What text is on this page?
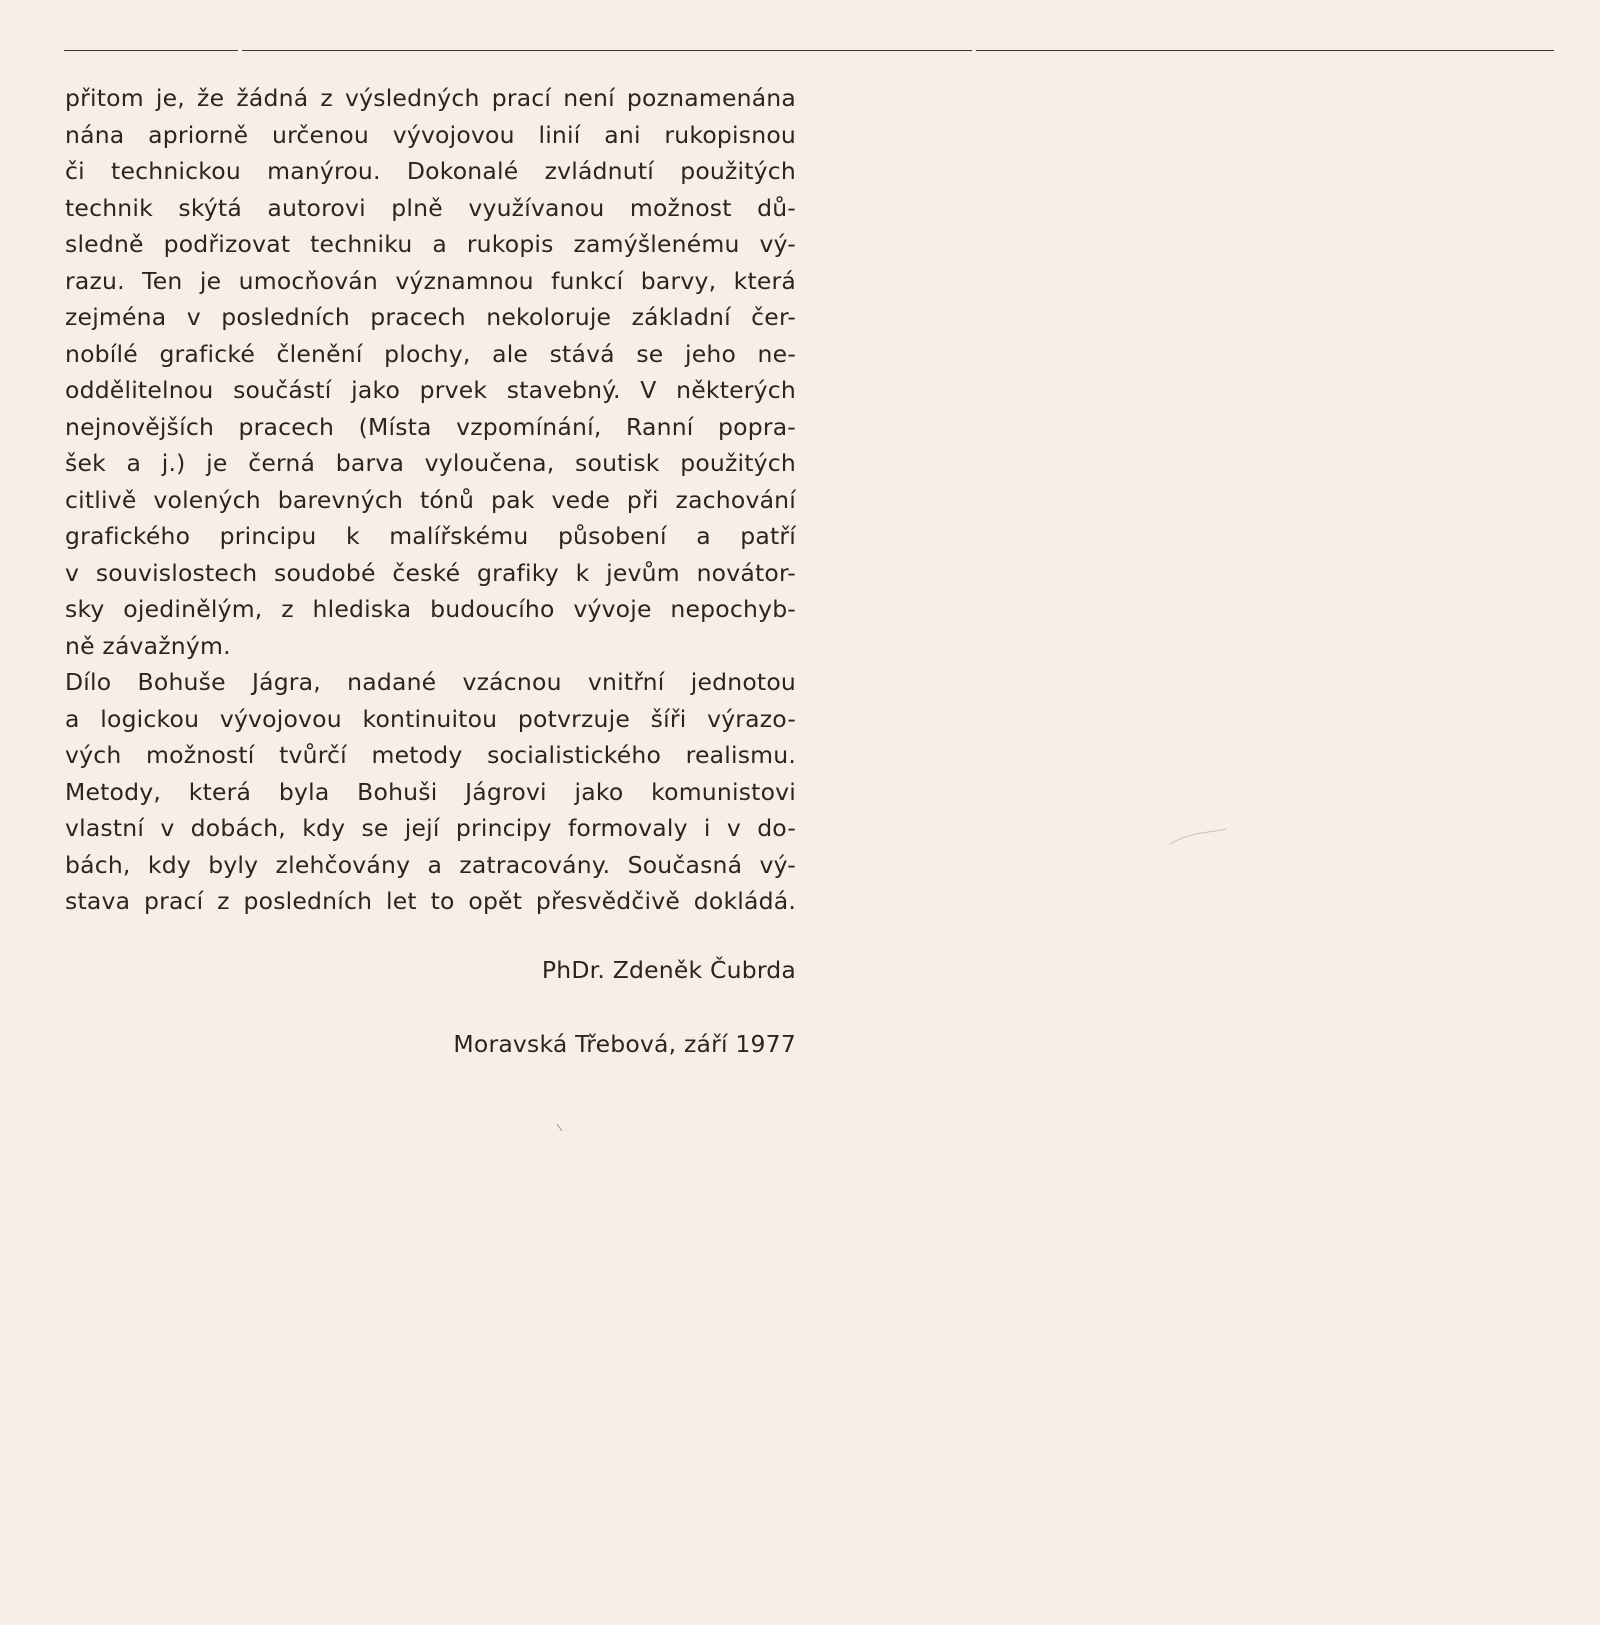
přitom je, že žádná z výsledných prací není poznamenána
nána apriorně určenou vývojovou linií ani rukopisnou
či technickou manýrou. Dokonalé zvládnutí použitých
technik skýtá autorovi plně využívanou možnost dů-
sledně podřizovat techniku a rukopis zamýšlenému vý-
razu. Ten je umocňován významnou funkcí barvy, která
zejména v posledních pracech nekoloruje základní čer-
nobílé grafické členění plochy, ale stává se jeho ne-
oddělitelnou součástí jako prvek stavebný. V některých
nejnovějších pracech (Místa vzpomínání, Ranní popra-
šek a j.) je černá barva vyloučena, soutisk použitých
citlivě volených barevných tónů pak vede při zachování
grafického principu k malířskému působení a patří
v souvislostech soudobé české grafiky k jevům novátor-
sky ojedinělým, z hlediska budoucího vývoje nepochyb-
ně závažným.
Dílo Bohuše Jágra, nadané vzácnou vnitřní jednotou
a logickou vývojovou kontinuitou potvrzuje šíři výrazo-
vých možností tvůrčí metody socialistického realismu.
Metody, která byla Bohuši Jágrovi jako komunistovi
vlastní v dobách, kdy se její principy formovaly i v do-
bách, kdy byly zlehčovány a zatracovány. Současná vý-
stava prací z posledních let to opět přesvědčivě dokládá.
PhDr. Zdeněk Čubrda
Moravská Třebová, září 1977
